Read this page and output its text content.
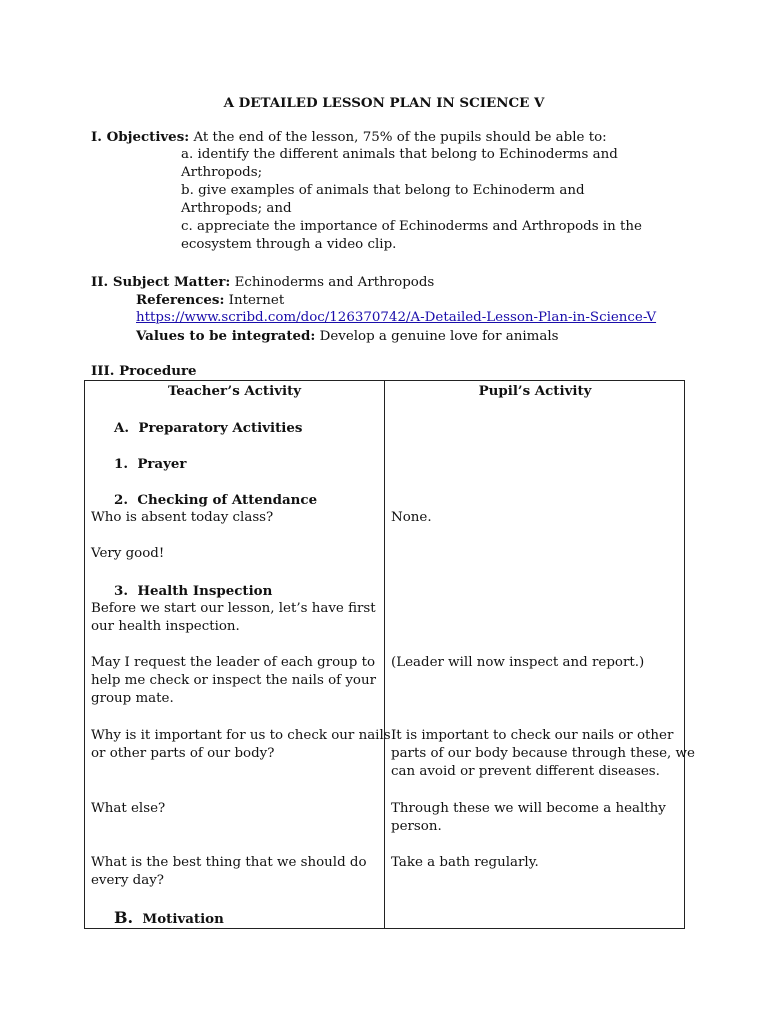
A DETAILED LESSON PLAN IN SCIENCE V
I. Objectives: At the end of the lesson, 75% of the pupils should be able to:
a. identify the different animals that belong to Echinoderms and
Arthropods;
b. give examples of animals that belong to Echinoderm and
Arthropods; and
c. appreciate the importance of Echinoderms and Arthropods in the
ecosystem through a video clip.
II. Subject Matter: Echinoderms and Arthropods
References: Internet
https://www.scribd.com/doc/126370742/A-Detailed-Lesson-Plan-in-Science-V
Values to be integrated: Develop a genuine love for animals
III. Procedure
Teacher’s Activity	Pupil’s Activity
A. Preparatory Activities
1. Prayer
2. Checking of Attendance
Who is absent today class?
Very good!
3. Health Inspection
Before we start our lesson, let’s have first
our health inspection.
May I request the leader of each group to
help me check or inspect the nails of your
group mate.
Why is it important for us to check our nails
or other parts of our body?
What else?
What is the best thing that we should do
every day?
B. Motivation
None.
(Leader will now inspect and report.)
It is important to check our nails or other
parts of our body because through these, we
can avoid or prevent different diseases.
Through these we will become a healthy
person.
Take a bath regularly.
